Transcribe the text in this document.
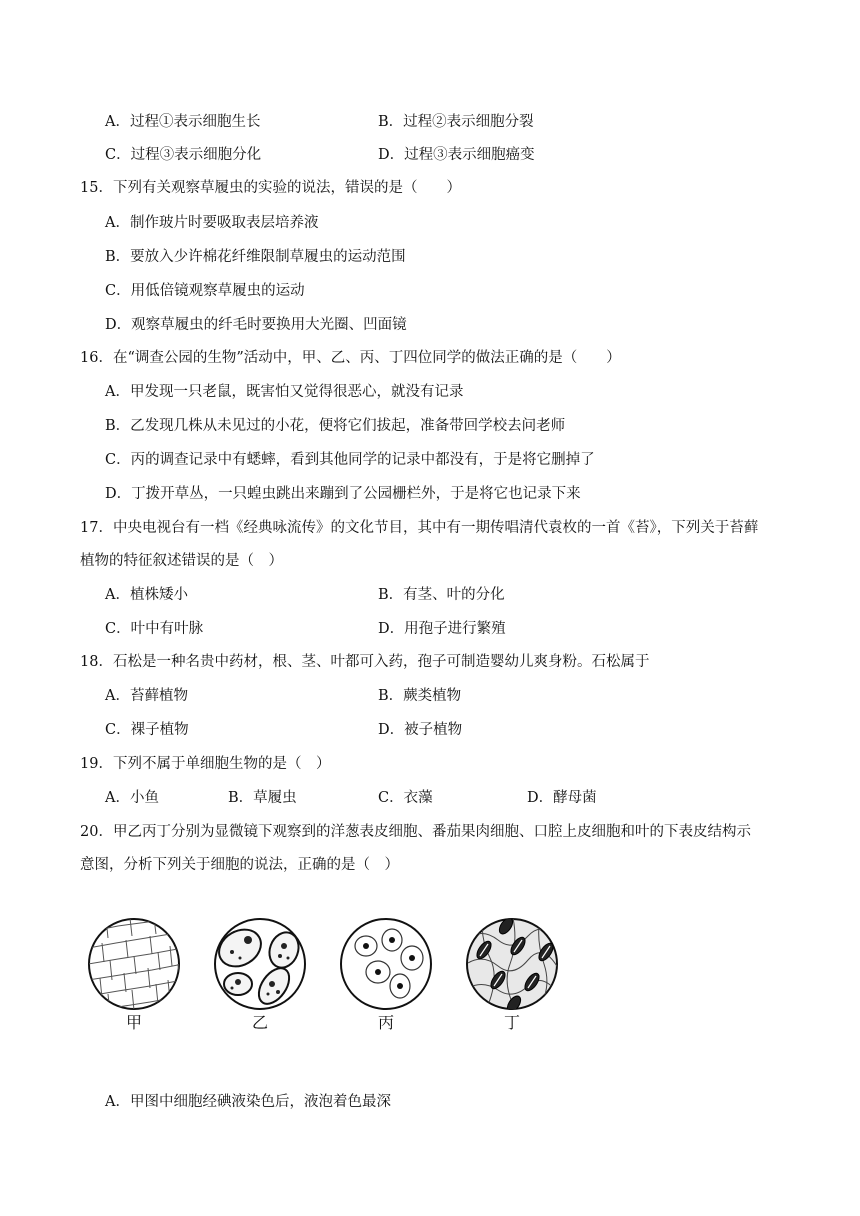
A．过程①表示细胞生长	B．过程②表示细胞分裂
C．过程③表示细胞分化	D．过程③表示细胞癌变
15．下列有关观察草履虫的实验的说法，错误的是（　　）
A．制作玻片时要吸取表层培养液
B．要放入少许棉花纤维限制草履虫的运动范围
C．用低倍镜观察草履虫的运动
D．观察草履虫的纤毛时要换用大光圈、凹面镜
16．在“调查公园的生物”活动中，甲、乙、丙、丁四位同学的做法正确的是（　　）
A．甲发现一只老鼠，既害怕又觉得很恶心，就没有记录
B．乙发现几株从未见过的小花，便将它们拔起，准备带回学校去问老师
C．丙的调查记录中有蟋蟀，看到其他同学的记录中都没有，于是将它删掉了
D．丁拨开草丛，一只蝗虫跳出来蹦到了公园栅栏外，于是将它也记录下来
17．中央电视台有一档《经典咏流传》的文化节目，其中有一期传唱清代袁枚的一首《苔》，下列关于苔藓
植物的特征叙述错误的是（　）
A．植株矮小	B．有茎、叶的分化
C．叶中有叶脉	D．用孢子进行繁殖
18．石松是一种名贵中药材，根、茎、叶都可入药，孢子可制造婴幼儿爽身粉。石松属于
A．苔藓植物	B．蕨类植物
C．裸子植物	D．被子植物
19．下列不属于单细胞生物的是（　）
A．小鱼	B．草履虫	C．衣藻	D．酵母菌
20．甲乙丙丁分别为显微镜下观察到的洋葱表皮细胞、番茄果肉细胞、口腔上皮细胞和叶的下表皮结构示
意图，分析下列关于细胞的说法，正确的是（　）
甲	乙	丙	丁
A．甲图中细胞经碘液染色后，液泡着色最深
